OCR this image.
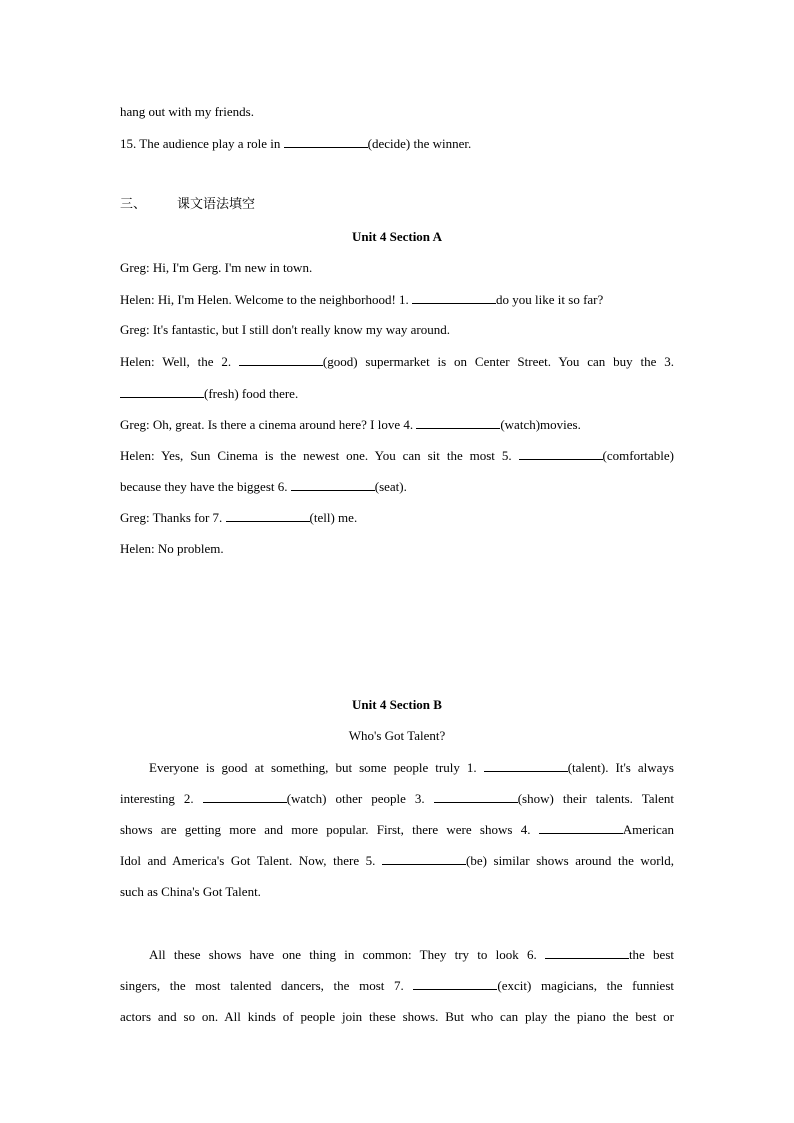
hang out with my friends.
15. The audience play a role in	(decide) the winner.
三、 课文语法填空
Unit 4 Section A
Greg: Hi, I'm Gerg. I'm new in town.
Helen: Hi, I'm Helen. Welcome to the neighborhood! 1.	do you like it so far?
Greg: It's fantastic, but I still don't really know my way around.
Helen: Well, the 2.	(good) supermarket is on Center Street. You can buy the 3.
(fresh) food there.
Greg: Oh, great. Is there a cinema around here? I love 4.	(watch)movies.
Helen: Yes, Sun Cinema is the newest one. You can sit the most 5.	(comfortable)
because they have the biggest 6.	(seat).
Greg: Thanks for 7.	(tell) me.
Helen: No problem.
Unit 4 Section B
Who's Got Talent?
Everyone is good at something, but some people truly 1.	(talent). It's always
interesting 2.	(watch) other people 3.	(show) their talents. Talent
shows are getting more and more popular. First, there were shows 4.	American
Idol and America's Got Talent. Now, there 5.	(be) similar shows around the world,
such as China's Got Talent.
All these shows have one thing in common: They try to look 6.	the best
singers, the most talented dancers, the most 7.	(excit) magicians, the funniest
actors and so on. All kinds of people join these shows. But who can play the piano the best or
